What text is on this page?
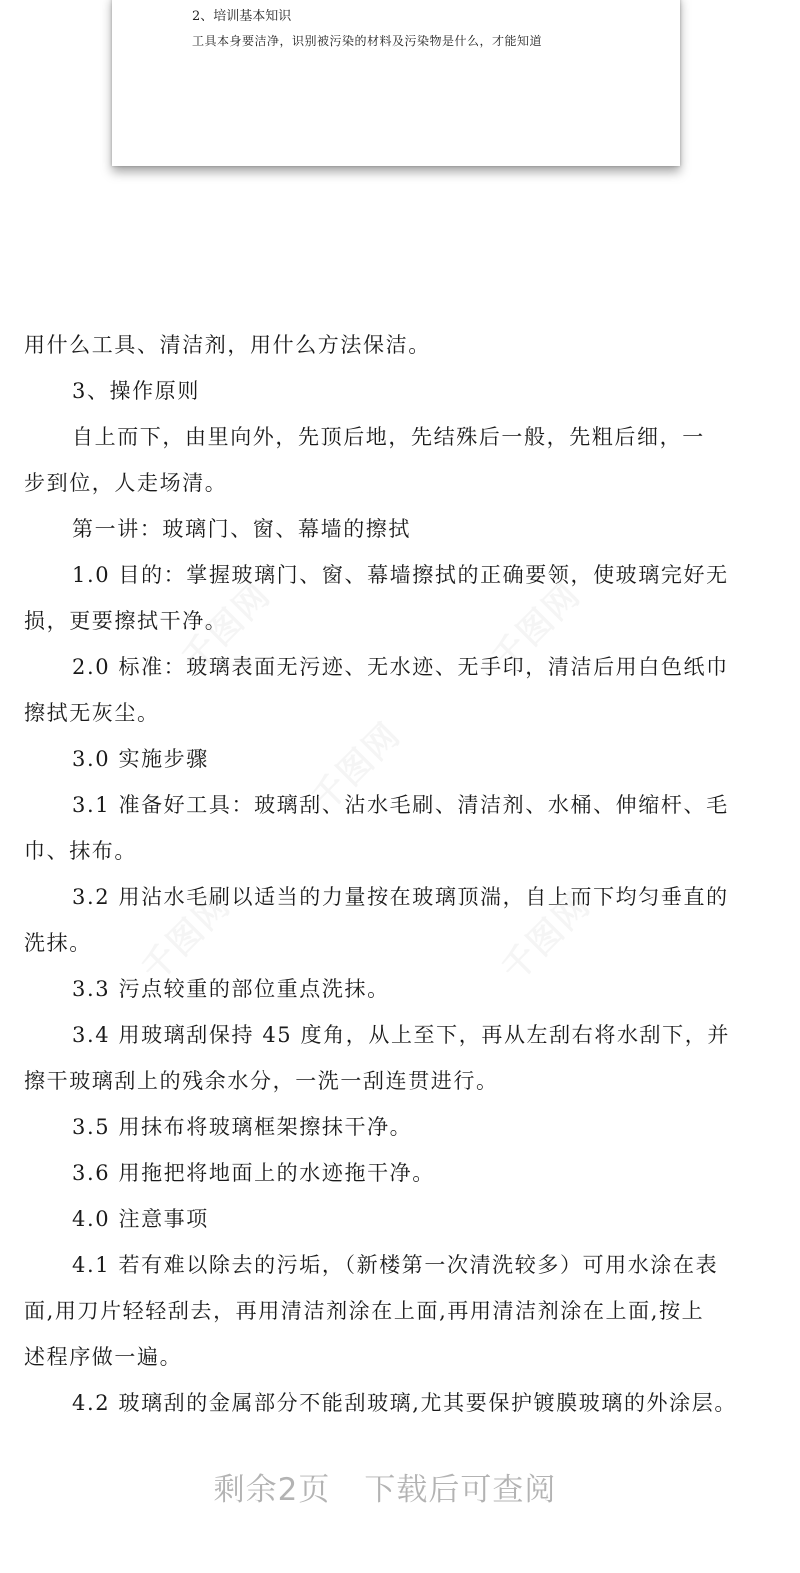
2、培训基本知识
工具本身要洁净，识别被污染的材料及污染物是什么，才能知道
用什么工具、清洁剂，用什么方法保洁。
3、操作原则
自上而下，由里向外，先顶后地，先结殊后一般，先粗后细，一
步到位，人走场清。
第一讲：玻璃门、窗、幕墙的擦拭
1.0 目的：掌握玻璃门、窗、幕墙擦拭的正确要领，使玻璃完好无
损，更要擦拭干净。
2.0 标准：玻璃表面无污迹、无水迹、无手印，清洁后用白色纸巾
擦拭无灰尘。
3.0 实施步骤
3.1 准备好工具：玻璃刮、沾水毛刷、清洁剂、水桶、伸缩杆、毛
巾、抹布。
3.2 用沾水毛刷以适当的力量按在玻璃顶湍，自上而下均匀垂直的
洗抹。
3.3 污点较重的部位重点洗抹。
3.4 用玻璃刮保持 45 度角，从上至下，再从左刮右将水刮下，并
擦干玻璃刮上的残余水分，一洗一刮连贯进行。
3.5 用抹布将玻璃框架擦抹干净。
3.6 用拖把将地面上的水迹拖干净。
4.0 注意事项
4.1 若有难以除去的污垢，（新楼第一次清洗较多）可用水涂在表
面,用刀片轻轻刮去，再用清洁剂涂在上面,再用清洁剂涂在上面,按上
述程序做一遍。
4.2 玻璃刮的金属部分不能刮玻璃,尤其要保护镀膜玻璃的外涂层。
千图网	千图网
千图网
千图网	千图网
剩余2页 下载后可查阅
